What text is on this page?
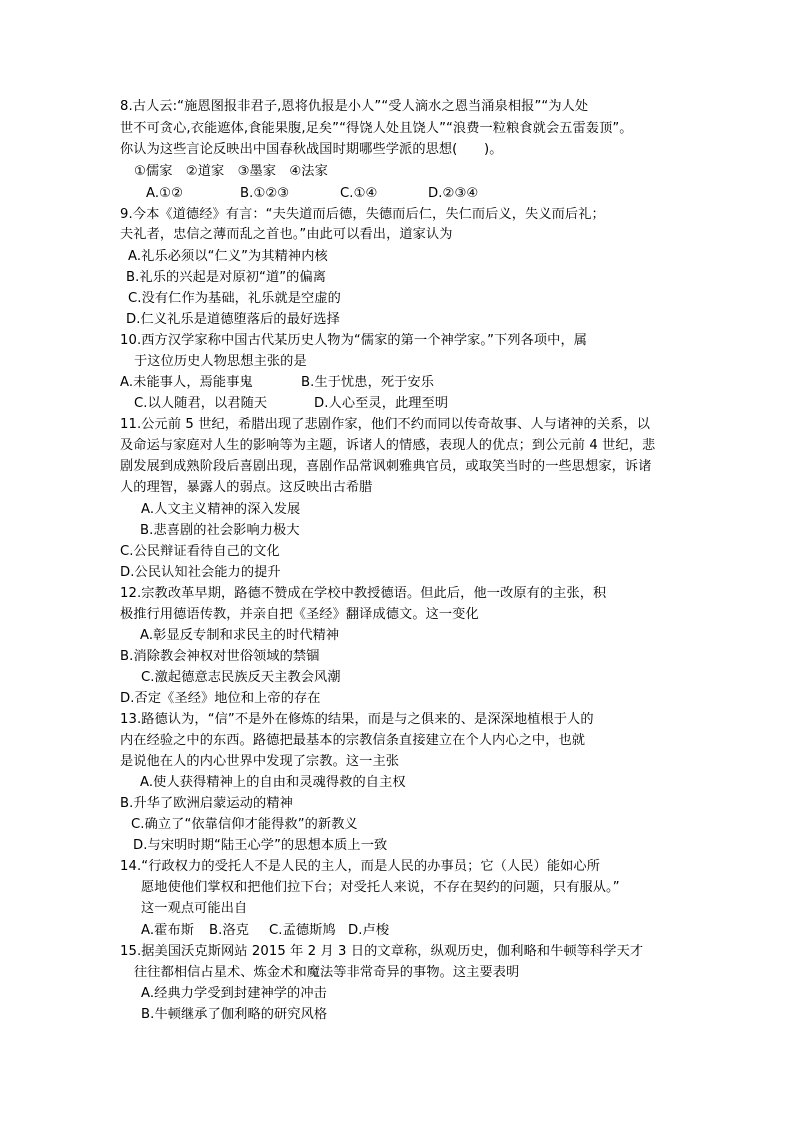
8.古人云:“施恩图报非君子,恩将仇报是小人”“受人滴水之恩当涌泉相报”“为人处
世不可贪心,衣能遮体,食能果腹,足矣”“得饶人处且饶人”“浪费一粒粮食就会五雷轰顶”。
你认为这些言论反映出中国春秋战国时期哪些学派的思想(　　)。
①儒家　②道家　③墨家　④法家
A.①②	B.①②③	C.①④	D.②③④
9.今本《道德经》有言：“夫失道而后德，失德而后仁，失仁而后义，失义而后礼；
夫礼者，忠信之薄而乱之首也。”由此可以看出，道家认为
A.礼乐必须以“仁义”为其精神内核
B.礼乐的兴起是对原初“道”的偏离
C.没有仁作为基础，礼乐就是空虚的
D.仁义礼乐是道德堕落后的最好选择
10.西方汉学家称中国古代某历史人物为“儒家的第一个神学家。”下列各项中，属
于这位历史人物思想主张的是
A.未能事人，焉能事鬼	B.生于忧患，死于安乐
C.以人随君，以君随天	D.人心至灵，此理至明
11.公元前 5 世纪，希腊出现了悲剧作家，他们不约而同以传奇故事、人与诸神的关系，以
及命运与家庭对人生的影响等为主题，诉诸人的情感，表现人的优点；到公元前 4 世纪，悲
剧发展到成熟阶段后喜剧出现，喜剧作品常讽刺雅典官员，或取笑当时的一些思想家，诉诸
人的理智，暴露人的弱点。这反映出古希腊
A.人文主义精神的深入发展
B.悲喜剧的社会影响力极大
C.公民辩证看待自己的文化
D.公民认知社会能力的提升
12.宗教改革早期，路德不赞成在学校中教授德语。但此后，他一改原有的主张，积
极推行用德语传教，并亲自把《圣经》翻译成德文。这一变化
A.彰显反专制和求民主的时代精神
B.消除教会神权对世俗领域的禁锢
C.激起德意志民族反天主教会风潮
D.否定《圣经》地位和上帝的存在
13.路德认为，“信”不是外在修炼的结果，而是与之俱来的、是深深地植根于人的
内在经验之中的东西。路德把最基本的宗教信条直接建立在个人内心之中，也就
是说他在人的内心世界中发现了宗教。这一主张
A.使人获得精神上的自由和灵魂得救的自主权
B.升华了欧洲启蒙运动的精神
C.确立了“依靠信仰才能得救”的新教义
D.与宋明时期“陆王心学”的思想本质上一致
14.“行政权力的受托人不是人民的主人，而是人民的办事员；它（人民）能如心所
愿地使他们掌权和把他们拉下台；对受托人来说，不存在契约的问题，只有服从。”
这一观点可能出自
A.霍布斯 B.洛克 C.孟德斯鸠 D.卢梭
15.据美国沃克斯网站 2015 年 2 月 3 日的文章称，纵观历史，伽利略和牛顿等科学天才
往往都相信占星术、炼金术和魔法等非常奇异的事物。这主要表明
A.经典力学受到封建神学的冲击
B.牛顿继承了伽利略的研究风格
